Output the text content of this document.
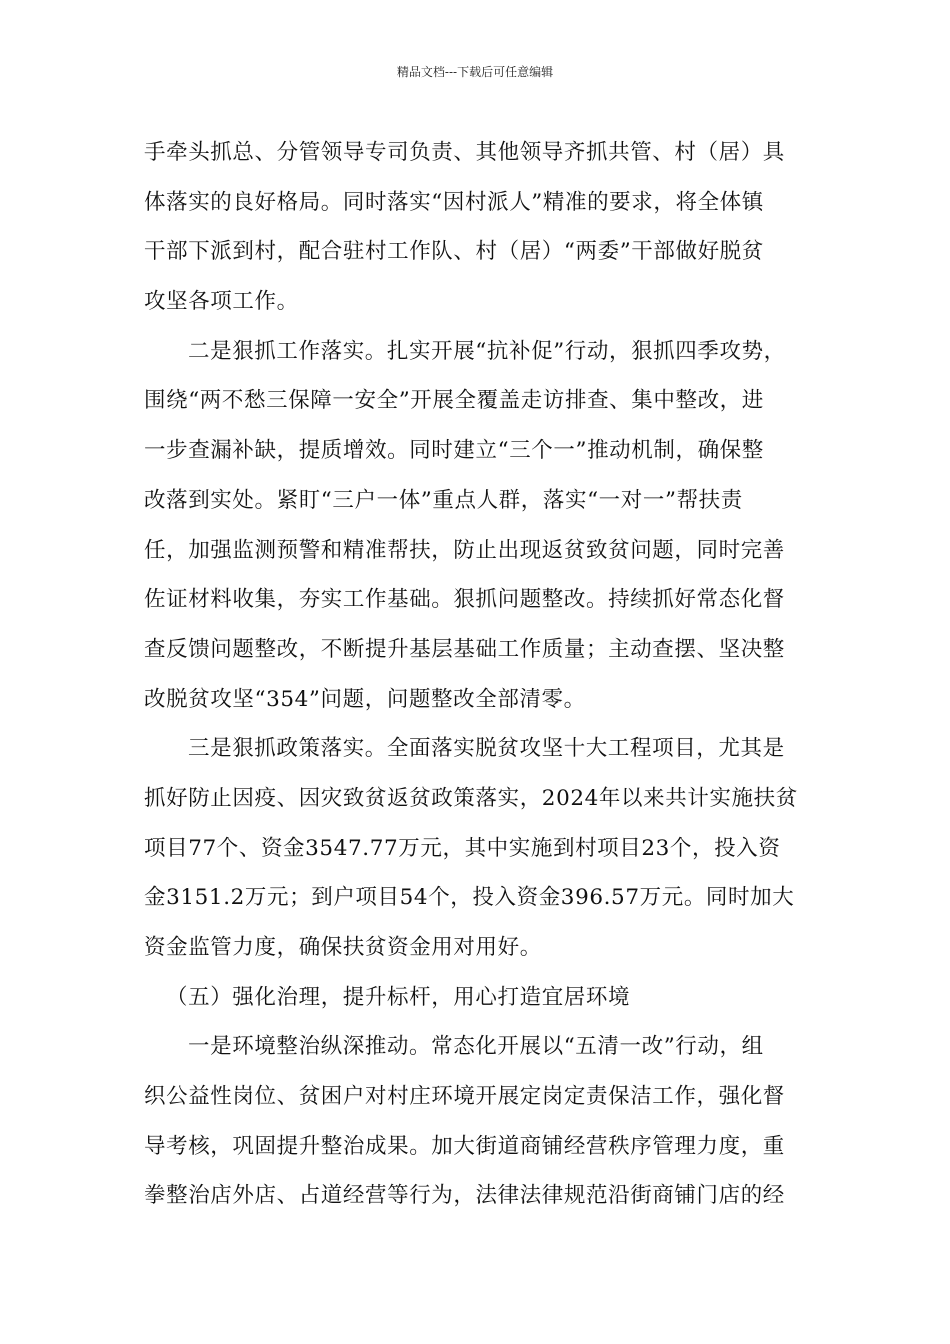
精品文档---下载后可任意编辑
手牵头抓总、分管领导专司负责、其他领导齐抓共管、村（居）具
体落实的良好格局。同时落实“因村派人”精准的要求，将全体镇
干部下派到村，配合驻村工作队、村（居）“两委”干部做好脱贫
攻坚各项工作。
二是狠抓工作落实。扎实开展“抗补促”行动，狠抓四季攻势，
围绕“两不愁三保障一安全”开展全覆盖走访排查、集中整改，进
一步查漏补缺，提质增效。同时建立“三个一”推动机制，确保整
改落到实处。紧盯“三户一体”重点人群，落实“一对一”帮扶责
任，加强监测预警和精准帮扶，防止出现返贫致贫问题，同时完善
佐证材料收集，夯实工作基础。狠抓问题整改。持续抓好常态化督
查反馈问题整改，不断提升基层基础工作质量；主动查摆、坚决整
改脱贫攻坚“354”问题，问题整改全部清零。
三是狠抓政策落实。全面落实脱贫攻坚十大工程项目，尤其是
抓好防止因疫、因灾致贫返贫政策落实，2024年以来共计实施扶贫
项目77个、资金3547.77万元，其中实施到村项目23个，投入资
金3151.2万元；到户项目54个，投入资金396.57万元。同时加大
资金监管力度，确保扶贫资金用对用好。
（五）强化治理，提升标杆，用心打造宜居环境
一是环境整治纵深推动。常态化开展以“五清一改”行动，组
织公益性岗位、贫困户对村庄环境开展定岗定责保洁工作，强化督
导考核，巩固提升整治成果。加大街道商铺经营秩序管理力度，重
拳整治店外店、占道经营等行为，法律法律规范沿街商铺门店的经
